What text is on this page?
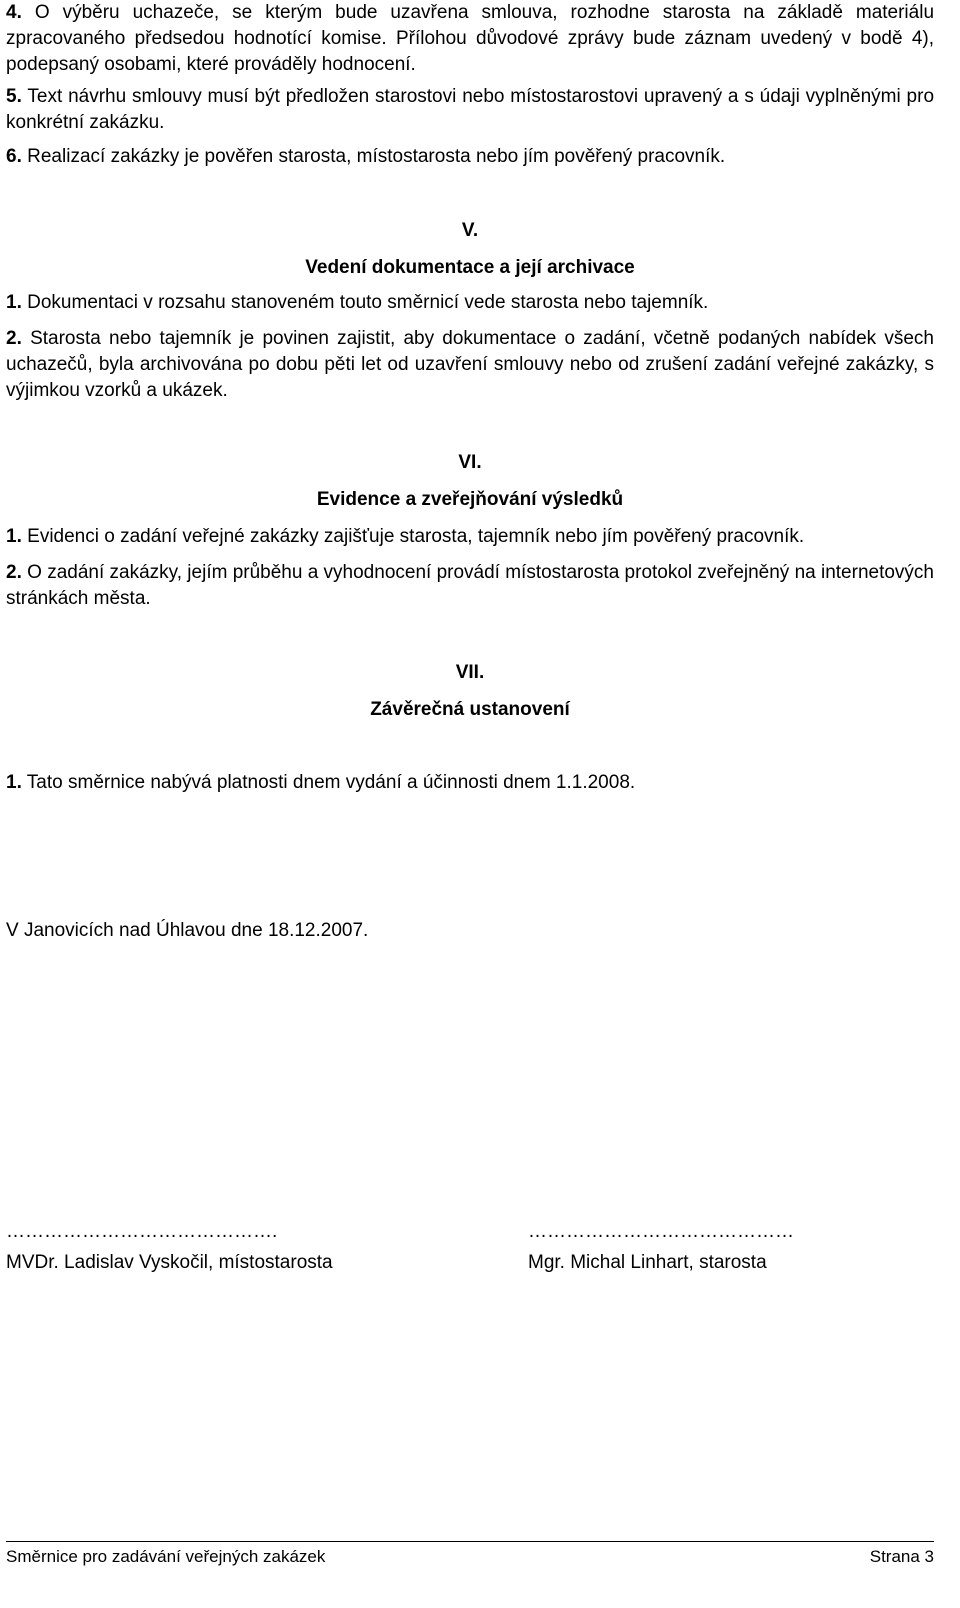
4. O výběru uchazeče, se kterým bude uzavřena smlouva, rozhodne starosta na základě materiálu zpracovaného předsedou hodnotící komise. Přílohou důvodové zprávy bude záznam uvedený v bodě 4), podepsaný osobami, které prováděly hodnocení.

5. Text návrhu smlouvy musí být předložen starostovi nebo místostarostovi upravený a s údaji vyplněnými pro konkrétní zakázku.

6. Realizací zakázky je pověřen starosta, místostarosta nebo jím pověřený pracovník.

V.

Vedení dokumentace a její archivace

1. Dokumentaci v rozsahu stanoveném touto směrnicí vede starosta nebo tajemník.

2. Starosta nebo tajemník je povinen zajistit, aby dokumentace o zadání, včetně podaných nabídek všech uchazečů, byla archivována po dobu pěti let od uzavření smlouvy nebo od zrušení zadání veřejné zakázky, s výjimkou vzorků a ukázek.

VI.

Evidence a zveřejňování výsledků

1. Evidenci o zadání veřejné zakázky zajišťuje starosta, tajemník nebo jím pověřený pracovník.

2. O zadání zakázky, jejím průběhu a vyhodnocení provádí místostarosta protokol zveřejněný na internetových stránkách města.

VII.

Závěrečná ustanovení

1. Tato směrnice nabývá platnosti dnem vydání a účinnosti dnem 1.1.2008.

V Janovicích nad Úhlavou dne 18.12.2007.

…………………………………….
MVDr. Ladislav Vyskočil, místostarosta
……………………………………
Mgr. Michal Linhart, starosta
Směrnice pro zadávání veřejných zakázek	Strana 3
